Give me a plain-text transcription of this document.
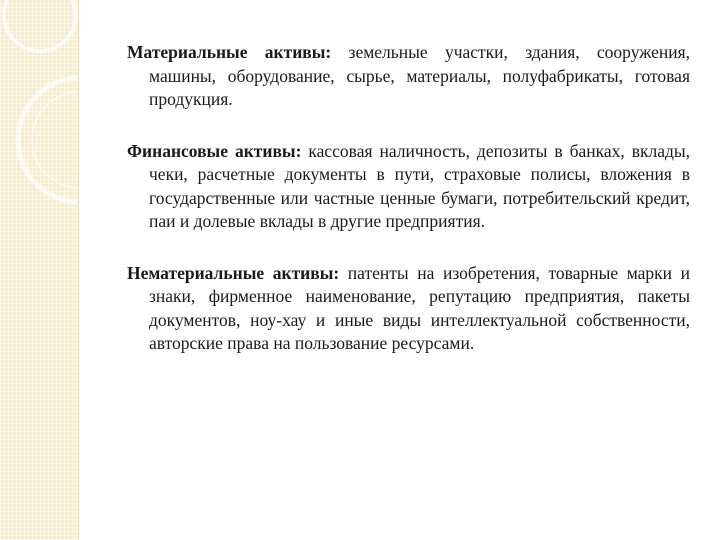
Материальные активы: земельные участки, здания, сооружения, машины, оборудование, сырье, материалы, полуфабрикаты, готовая продукция.

Финансовые активы: кассовая наличность, депозиты в банках, вклады, чеки, расчетные документы в пути, страховые полисы, вложения в государственные или частные ценные бумаги, потребительский кредит, паи и долевые вклады в другие предприятия.

Нематериальные активы: патенты на изобретения, товарные марки и знаки, фирменное наименование, репутацию предприятия, пакеты документов, ноу-хау и иные виды интеллектуальной собственности, авторские права на пользование ресурсами.
